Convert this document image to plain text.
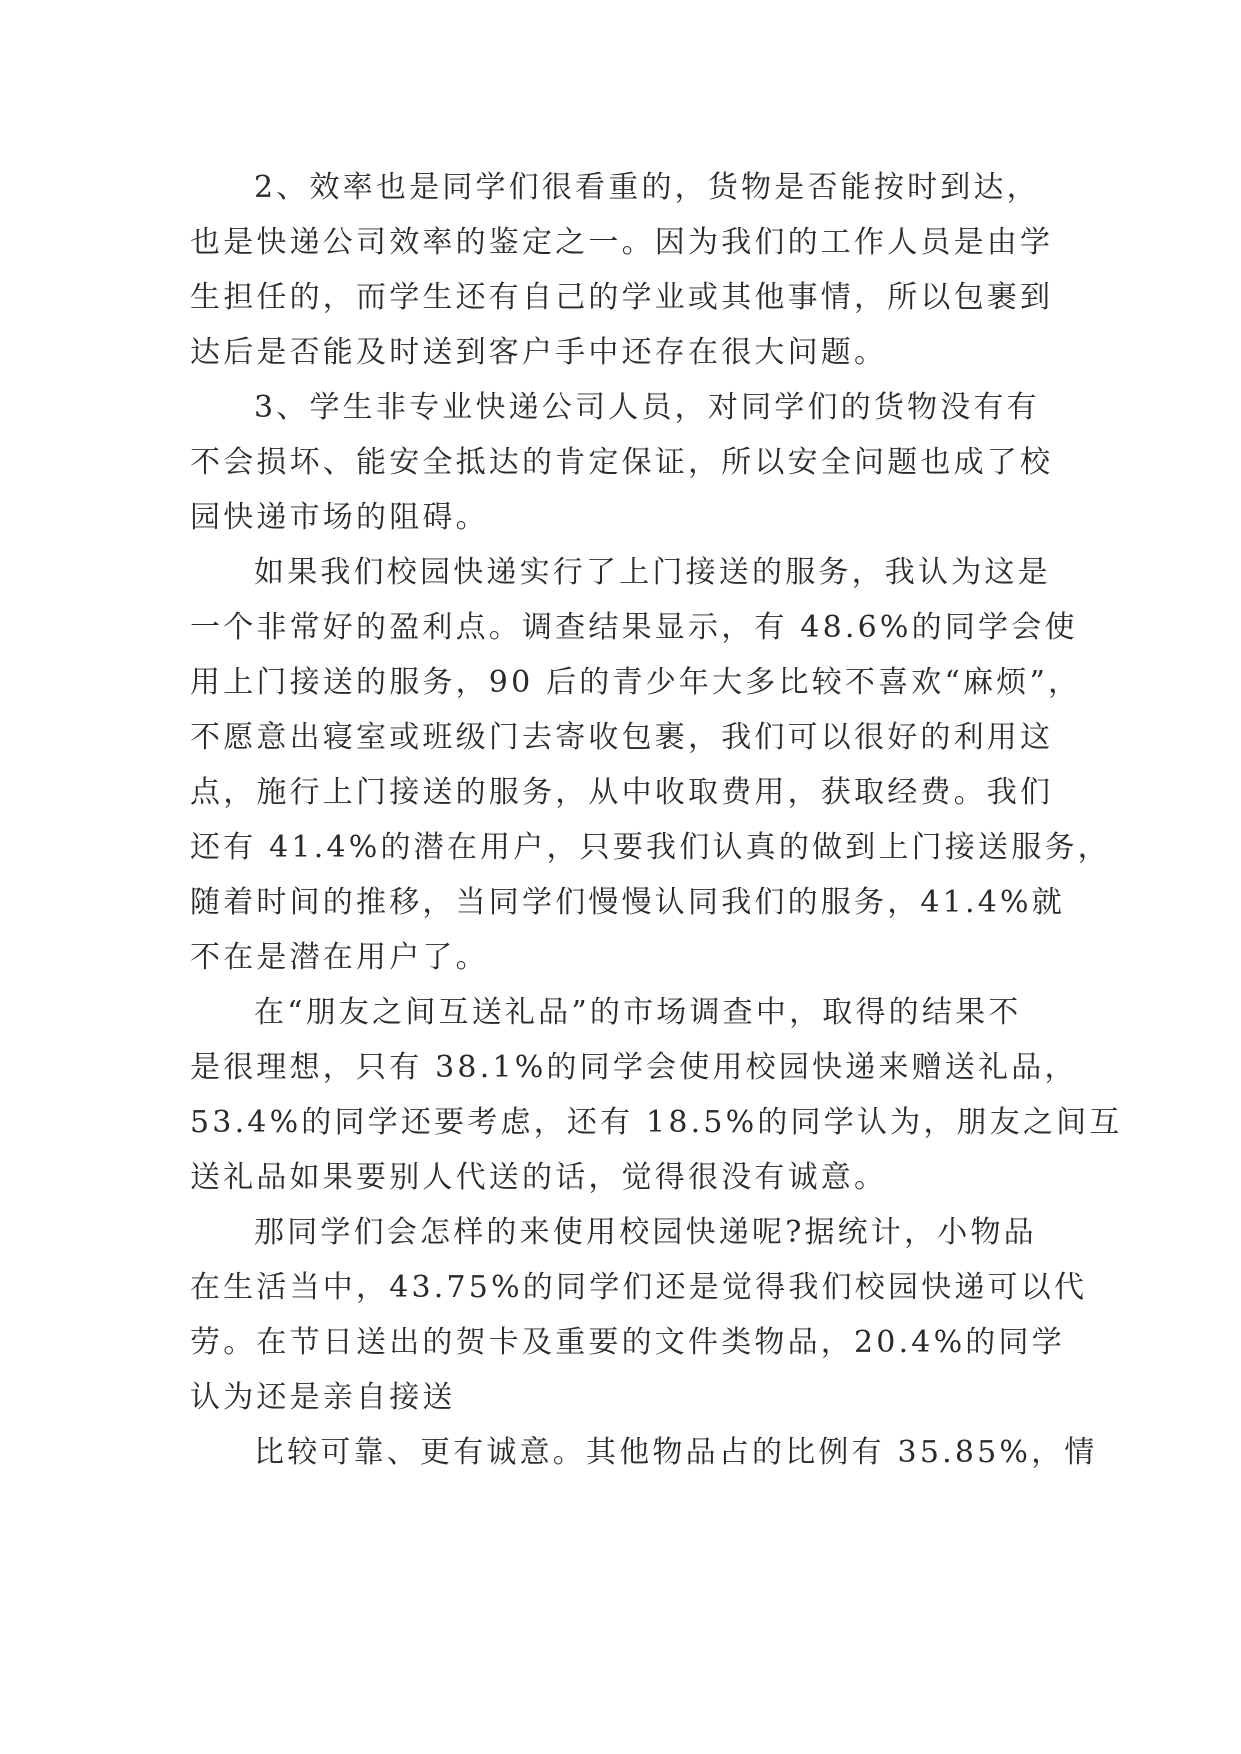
2、效率也是同学们很看重的，货物是否能按时到达，
也是快递公司效率的鉴定之一。因为我们的工作人员是由学
生担任的，而学生还有自己的学业或其他事情，所以包裹到
达后是否能及时送到客户手中还存在很大问题。
3、学生非专业快递公司人员，对同学们的货物没有有
不会损坏、能安全抵达的肯定保证，所以安全问题也成了校
园快递市场的阻碍。
如果我们校园快递实行了上门接送的服务，我认为这是
一个非常好的盈利点。调查结果显示，有 48.6%的同学会使
用上门接送的服务，90 后的青少年大多比较不喜欢“麻烦”，
不愿意出寝室或班级门去寄收包裹，我们可以很好的利用这
点，施行上门接送的服务，从中收取费用，获取经费。我们
还有 41.4%的潜在用户，只要我们认真的做到上门接送服务，
随着时间的推移，当同学们慢慢认同我们的服务，41.4%就
不在是潜在用户了。
在“朋友之间互送礼品”的市场调查中，取得的结果不
是很理想，只有 38.1%的同学会使用校园快递来赠送礼品，
53.4%的同学还要考虑，还有 18.5%的同学认为，朋友之间互
送礼品如果要别人代送的话，觉得很没有诚意。
那同学们会怎样的来使用校园快递呢?据统计，小物品
在生活当中，43.75%的同学们还是觉得我们校园快递可以代
劳。在节日送出的贺卡及重要的文件类物品，20.4%的同学
认为还是亲自接送
比较可靠、更有诚意。其他物品占的比例有 35.85%，情
